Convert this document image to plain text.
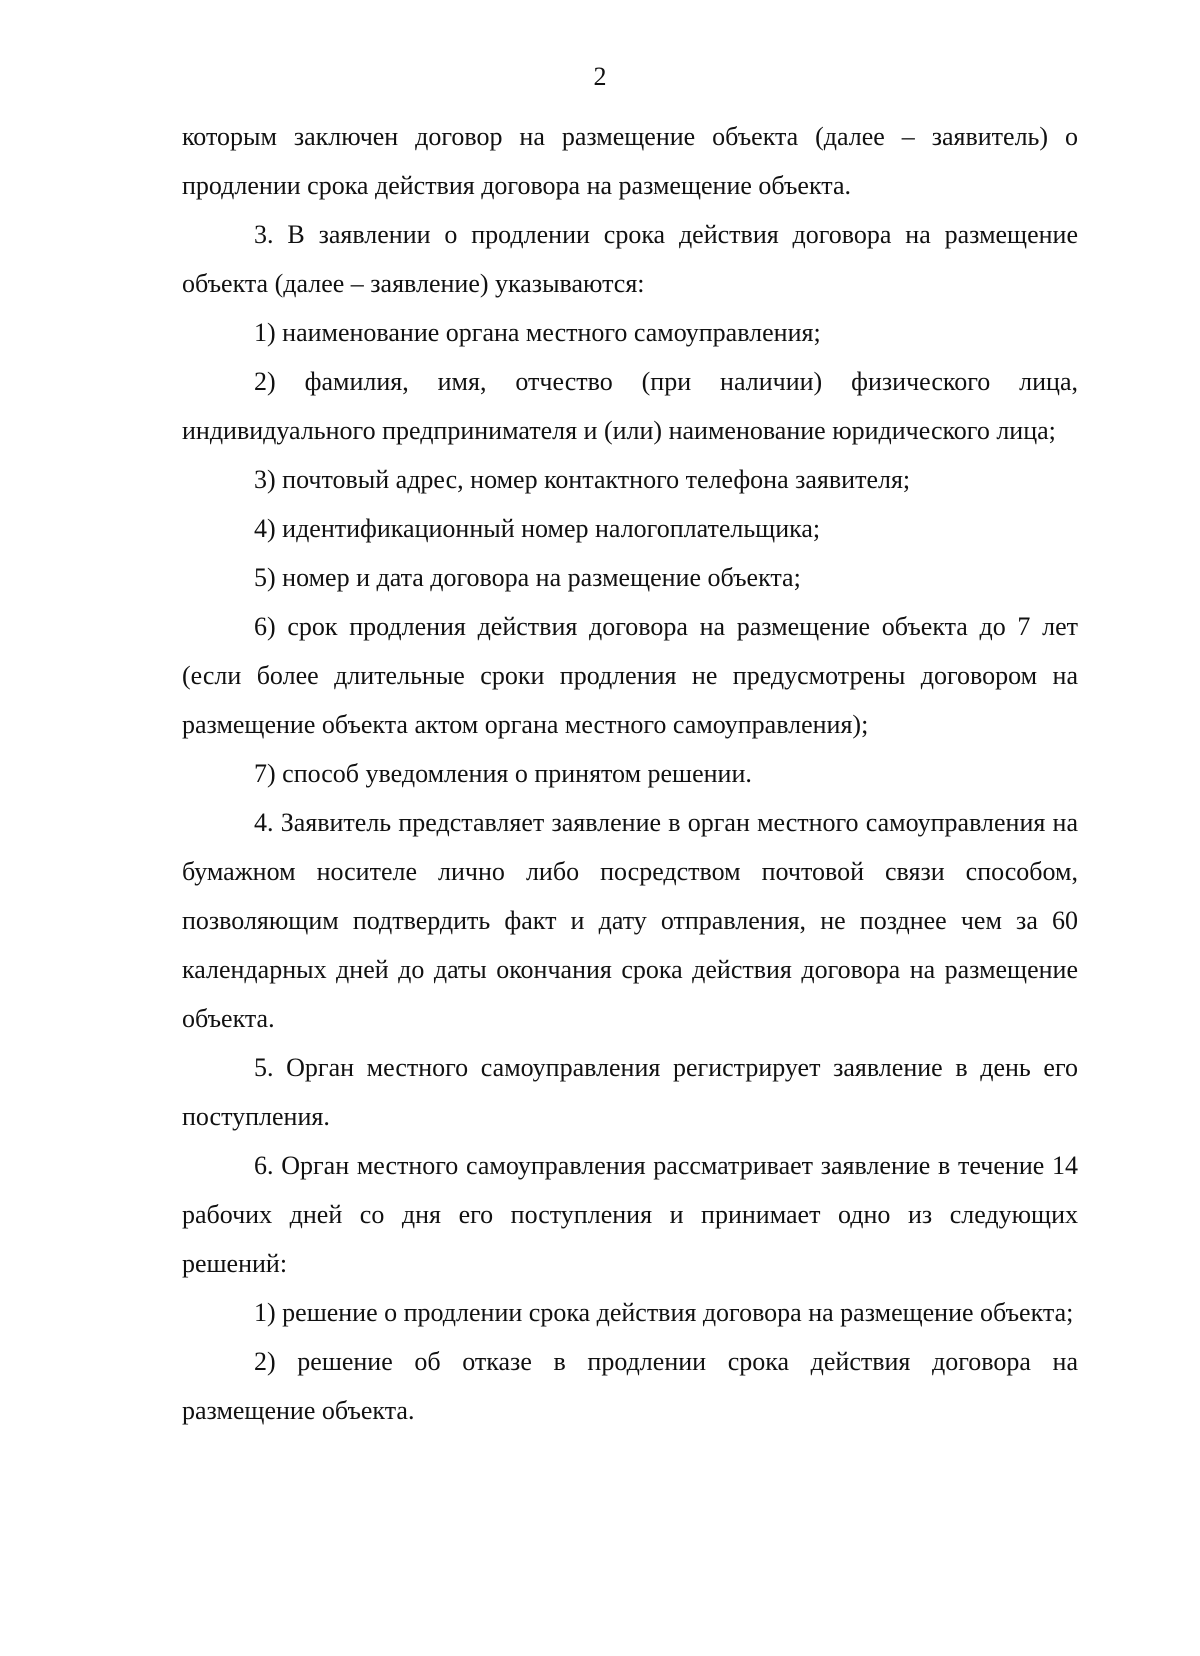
2

которым заключен договор на размещение объекта (далее – заявитель) о продлении срока действия договора на размещение объекта.

3. В заявлении о продлении срока действия договора на размещение объекта (далее – заявление) указываются:

1) наименование органа местного самоуправления;

2) фамилия, имя, отчество (при наличии) физического лица, индивидуального предпринимателя и (или) наименование юридического лица;

3) почтовый адрес, номер контактного телефона заявителя;

4) идентификационный номер налогоплательщика;

5) номер и дата договора на размещение объекта;

6) срок продления действия договора на размещение объекта до 7 лет (если более длительные сроки продления не предусмотрены договором на размещение объекта актом органа местного самоуправления);

7) способ уведомления о принятом решении.

4. Заявитель представляет заявление в орган местного самоуправления на бумажном носителе лично либо посредством почтовой связи способом, позволяющим подтвердить факт и дату отправления, не позднее чем за 60 календарных дней до даты окончания срока действия договора на размещение объекта.

5. Орган местного самоуправления регистрирует заявление в день его поступления.

6. Орган местного самоуправления рассматривает заявление в течение 14 рабочих дней со дня его поступления и принимает одно из следующих решений:

1) решение о продлении срока действия договора на размещение объекта;

2) решение об отказе в продлении срока действия договора на размещение объекта.
